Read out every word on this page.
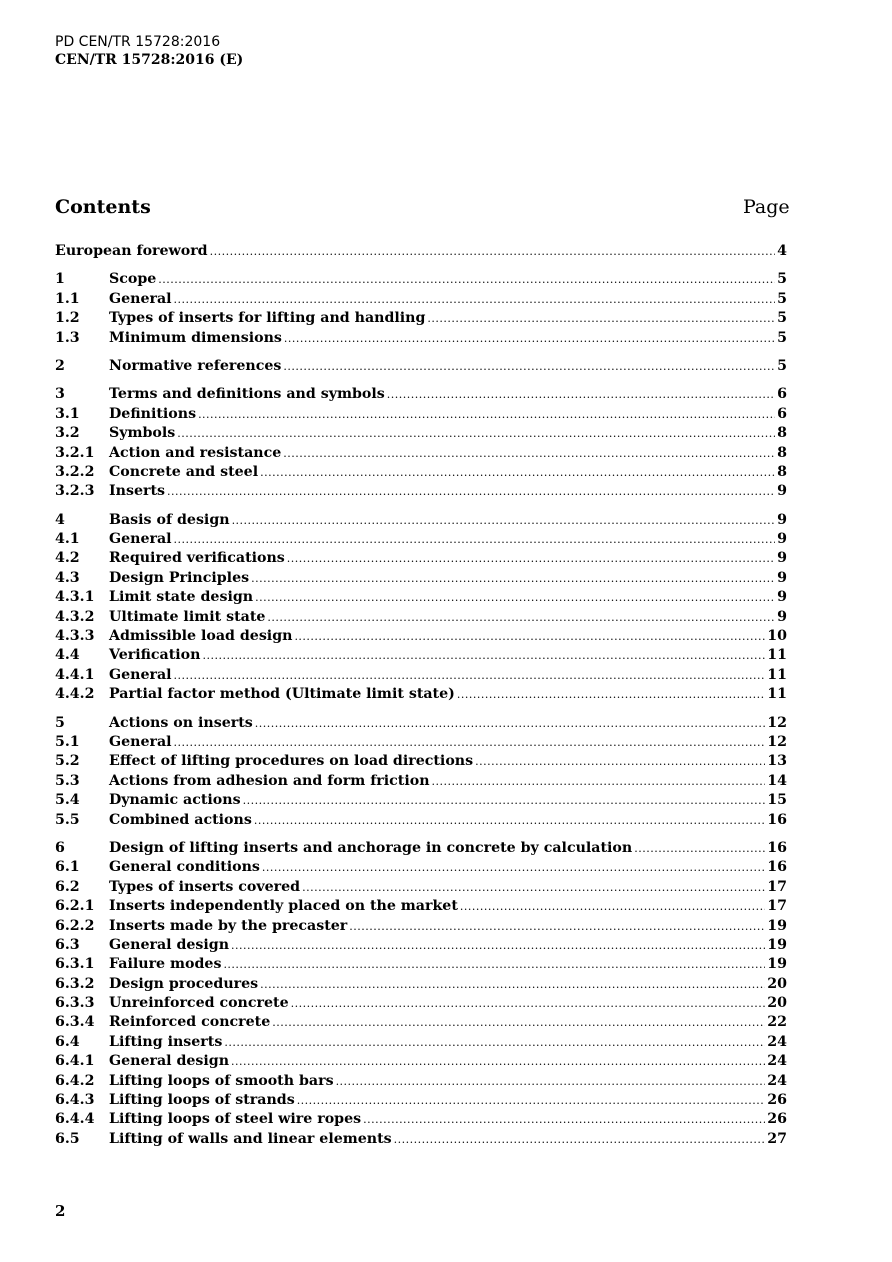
PD CEN/TR 15728:2016
CEN/TR 15728:2016 (E)
Contents	Page
European foreword .....	4
1	Scope .....	5
1.1	General .....	5
1.2	Types of inserts for lifting and handling .....	5
1.3	Minimum dimensions .....	5
2	Normative references .....	5
3	Terms and definitions and symbols .....	6
3.1	Definitions .....	6
3.2	Symbols .....	8
3.2.1	Action and resistance .....	8
3.2.2	Concrete and steel .....	8
3.2.3	Inserts .....	9
4	Basis of design .....	9
4.1	General .....	9
4.2	Required verifications .....	9
4.3	Design Principles .....	9
4.3.1	Limit state design .....	9
4.3.2	Ultimate limit state .....	9
4.3.3	Admissible load design .....	10
4.4	Verification .....	11
4.4.1	General .....	11
4.4.2	Partial factor method (Ultimate limit state) .....	11
5	Actions on inserts .....	12
5.1	General .....	12
5.2	Effect of lifting procedures on load directions .....	13
5.3	Actions from adhesion and form friction .....	14
5.4	Dynamic actions .....	15
5.5	Combined actions .....	16
6	Design of lifting inserts and anchorage in concrete by calculation .....	16
6.1	General conditions .....	16
6.2	Types of inserts covered .....	17
6.2.1	Inserts independently placed on the market .....	17
6.2.2	Inserts made by the precaster .....	19
6.3	General design .....	19
6.3.1	Failure modes .....	19
6.3.2	Design procedures .....	20
6.3.3	Unreinforced concrete .....	20
6.3.4	Reinforced concrete .....	22
6.4	Lifting inserts .....	24
6.4.1	General design .....	24
6.4.2	Lifting loops of smooth bars .....	24
6.4.3	Lifting loops of strands .....	26
6.4.4	Lifting loops of steel wire ropes .....	26
6.5	Lifting of walls and linear elements .....	27
2
